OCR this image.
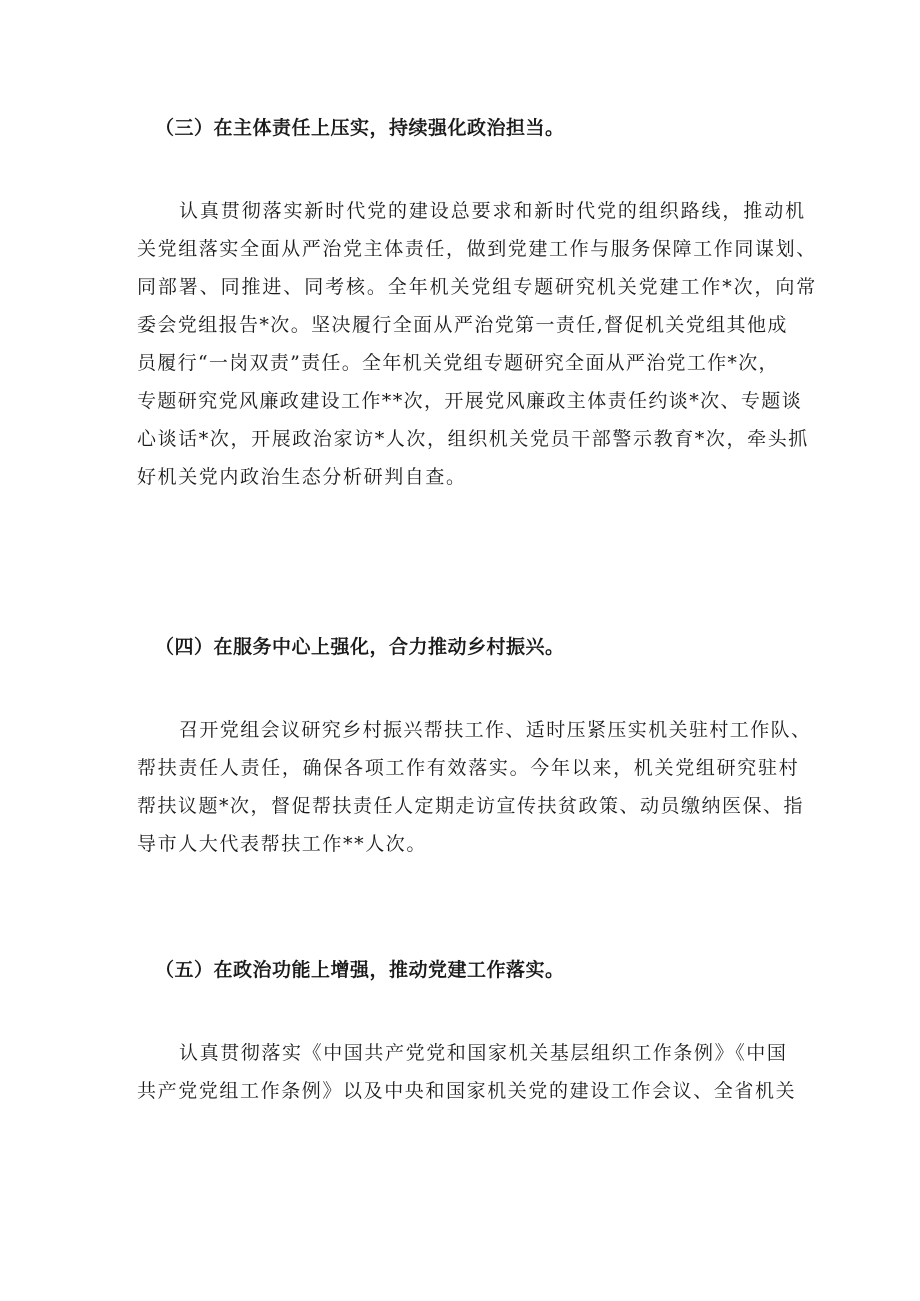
（三）在主体责任上压实，持续强化政治担当。
认真贯彻落实新时代党的建设总要求和新时代党的组织路线，推动机
关党组落实全面从严治党主体责任，做到党建工作与服务保障工作同谋划、
同部署、同推进、同考核。全年机关党组专题研究机关党建工作*次，向常
委会党组报告*次。坚决履行全面从严治党第一责任,督促机关党组其他成
员履行“一岗双责”责任。全年机关党组专题研究全面从严治党工作*次，
专题研究党风廉政建设工作**次，开展党风廉政主体责任约谈*次、专题谈
心谈话*次，开展政治家访*人次，组织机关党员干部警示教育*次，牵头抓
好机关党内政治生态分析研判自查。
（四）在服务中心上强化，合力推动乡村振兴。
召开党组会议研究乡村振兴帮扶工作、适时压紧压实机关驻村工作队、
帮扶责任人责任，确保各项工作有效落实。今年以来，机关党组研究驻村
帮扶议题*次，督促帮扶责任人定期走访宣传扶贫政策、动员缴纳医保、指
导市人大代表帮扶工作**人次。
（五）在政治功能上增强，推动党建工作落实。
认真贯彻落实《中国共产党党和国家机关基层组织工作条例》《中国
共产党党组工作条例》以及中央和国家机关党的建设工作会议、全省机关
